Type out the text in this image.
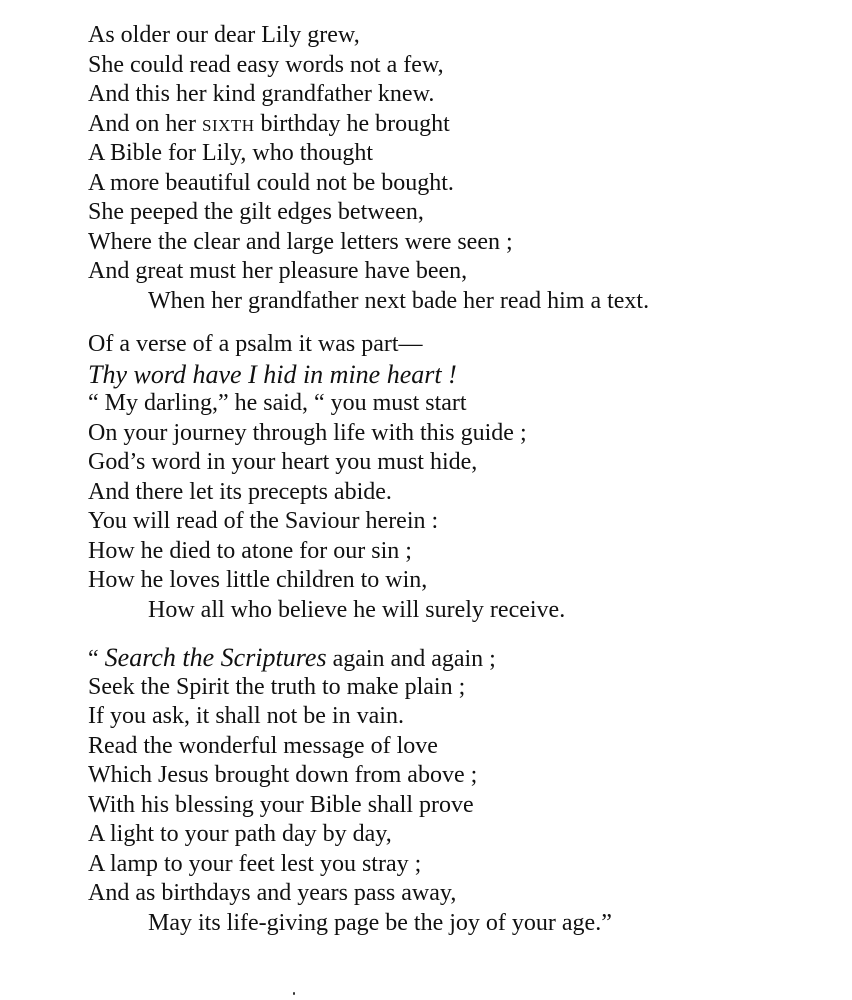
As older our dear Lily grew,
She could read easy words not a few,
And this her kind grandfather knew.
And on her sixth birthday he brought
A Bible for Lily, who thought
A more beautiful could not be bought.
She peeped the gilt edges between,
Where the clear and large letters were seen ;
And great must her pleasure have been,
When her grandfather next bade her read him a text.
Of a verse of a psalm it was part—
Thy word have I hid in mine heart !
“ My darling,” he said, “ you must start
On your journey through life with this guide ;
God’s word in your heart you must hide,
And there let its precepts abide.
You will read of the Saviour herein :
How he died to atone for our sin ;
How he loves little children to win,
How all who believe he will surely receive.
“ Search the Scriptures again and again ;
Seek the Spirit the truth to make plain ;
If you ask, it shall not be in vain.
Read the wonderful message of love
Which Jesus brought down from above ;
With his blessing your Bible shall prove
A light to your path day by day,
A lamp to your feet lest you stray ;
And as birthdays and years pass away,
May its life-giving page be the joy of your age.”
